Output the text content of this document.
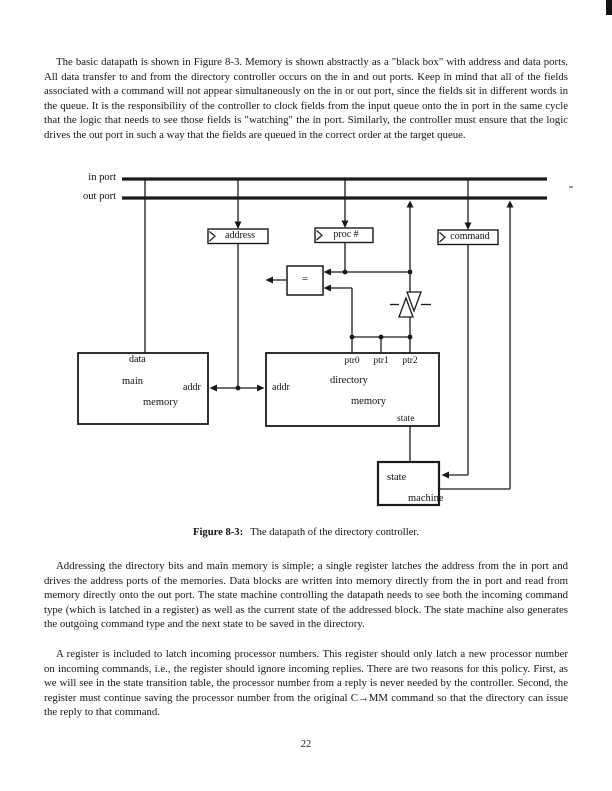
The basic datapath is shown in Figure 8-3. Memory is shown abstractly as a "black box" with address and data ports. All data transfer to and from the directory controller occurs on the in and out ports. Keep in mind that all of the fields associated with a command will not appear simultaneously on the in or out port, since the fields sit in different words in the queue. It is the responsibility of the controller to clock fields from the input queue onto the in port in the same cycle that the logic that needs to see those fields is "watching" the in port. Similarly, the controller must ensure that the logic drives the out port in such a way that the fields are queued in the correct order at the target queue.

in port
out port
address	proc #	command
=
data
main

memory
addr	addr
ptr0	ptr1	ptr2
directory

memory
state
state

machine
Figure 8-3: The datapath of the directory controller.

Addressing the directory bits and main memory is simple; a single register latches the address from the in port and drives the address ports of the memories. Data blocks are written into memory directly from the in port and read from memory directly onto the out port. The state machine controlling the datapath needs to see both the incoming command type (which is latched in a register) as well as the current state of the addressed block. The state machine also generates the outgoing command type and the next state to be saved in the directory.

A register is included to latch incoming processor numbers. This register should only latch a new processor number on incoming commands, i.e., the register should ignore incoming replies. There are two reasons for this policy. First, as we will see in the state transition table, the processor number from a reply is never needed by the controller. Second, the register must continue saving the processor number from the original C→MM command so that the directory can issue the reply to that command.

22
